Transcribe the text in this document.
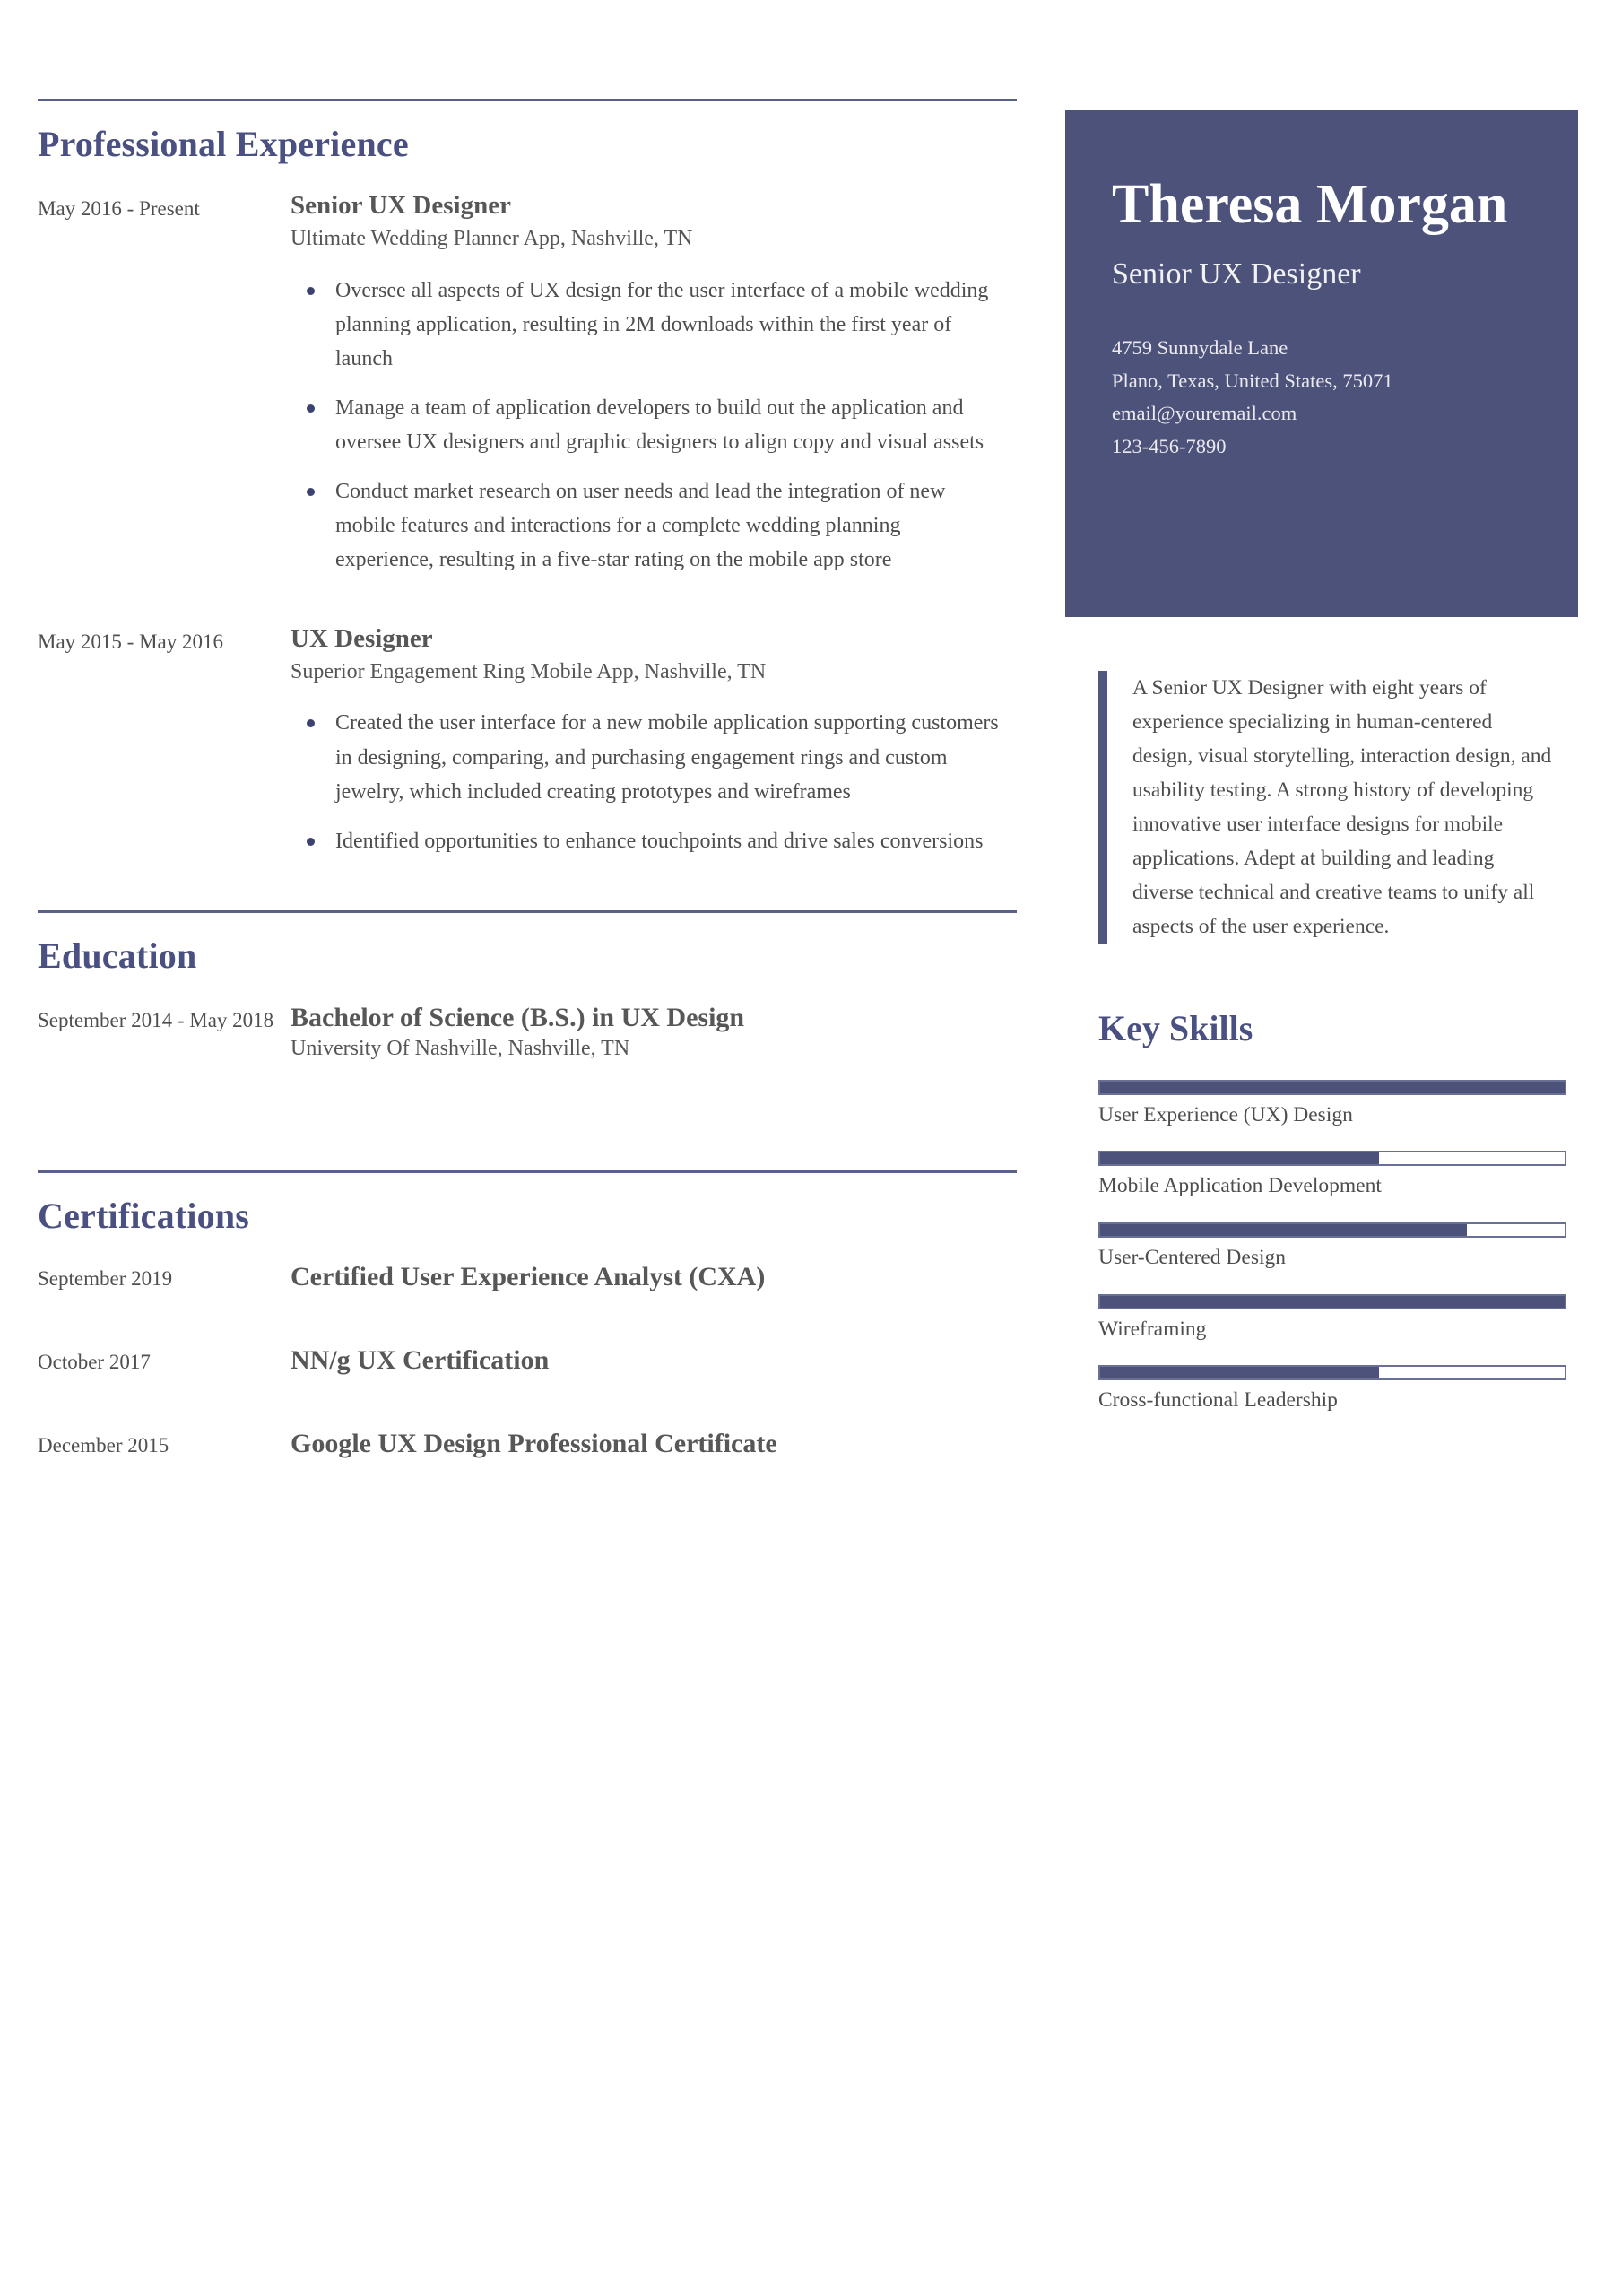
Professional Experience
May 2016 - Present	Senior UX Designer
Ultimate Wedding Planner App, Nashville, TN
Oversee all aspects of UX design for the user interface of a mobile wedding planning application, resulting in 2M downloads within the first year of launch
Manage a team of application developers to build out the application and oversee UX designers and graphic designers to align copy and visual assets
Conduct market research on user needs and lead the integration of new mobile features and interactions for a complete wedding planning experience, resulting in a five-star rating on the mobile app store
May 2015 - May 2016	UX Designer
Superior Engagement Ring Mobile App, Nashville, TN
Created the user interface for a new mobile application supporting customers in designing, comparing, and purchasing engagement rings and custom jewelry, which included creating prototypes and wireframes
Identified opportunities to enhance touchpoints and drive sales conversions
Education
September 2014 - May 2018 Bachelor of Science (B.S.) in UX Design
University Of Nashville, Nashville, TN
Certifications
September 2019	Certified User Experience Analyst (CXA)
October 2017	NN/g UX Certification
December 2015	Google UX Design Professional Certificate
Theresa Morgan
Senior UX Designer
4759 Sunnydale Lane
Plano, Texas, United States, 75071
email@youremail.com
123-456-7890
A Senior UX Designer with eight years of experience specializing in human-centered design, visual storytelling, interaction design, and usability testing. A strong history of developing innovative user interface designs for mobile applications. Adept at building and leading diverse technical and creative teams to unify all aspects of the user experience.
Key Skills
User Experience (UX) Design
Mobile Application Development
User-Centered Design
Wireframing
Cross-functional Leadership
